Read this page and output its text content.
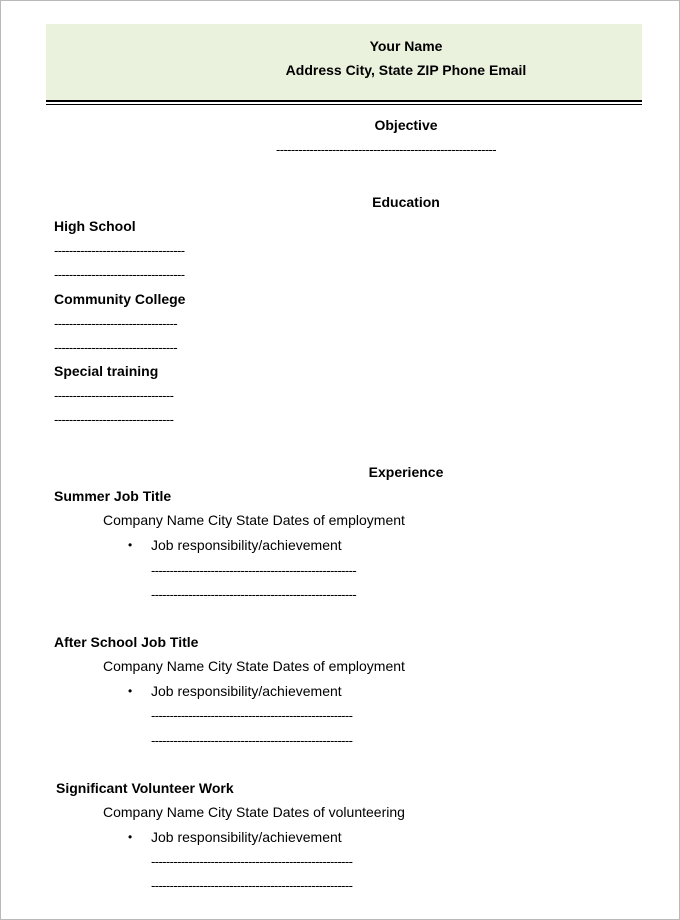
Your Name
Address City, State ZIP Phone Email
Objective
-----------------------------------------------------------
Education
High School
-----------------------------------
-----------------------------------
Community College
---------------------------------
---------------------------------
Special training
--------------------------------
--------------------------------
Experience
Summer Job Title
Company Name City State Dates of employment
• Job responsibility/achievement
-------------------------------------------------------
-------------------------------------------------------
After School Job Title
Company Name City State Dates of employment
• Job responsibility/achievement
------------------------------------------------------
------------------------------------------------------
Significant Volunteer Work
Company Name City State Dates of volunteering
• Job responsibility/achievement
------------------------------------------------------
------------------------------------------------------
